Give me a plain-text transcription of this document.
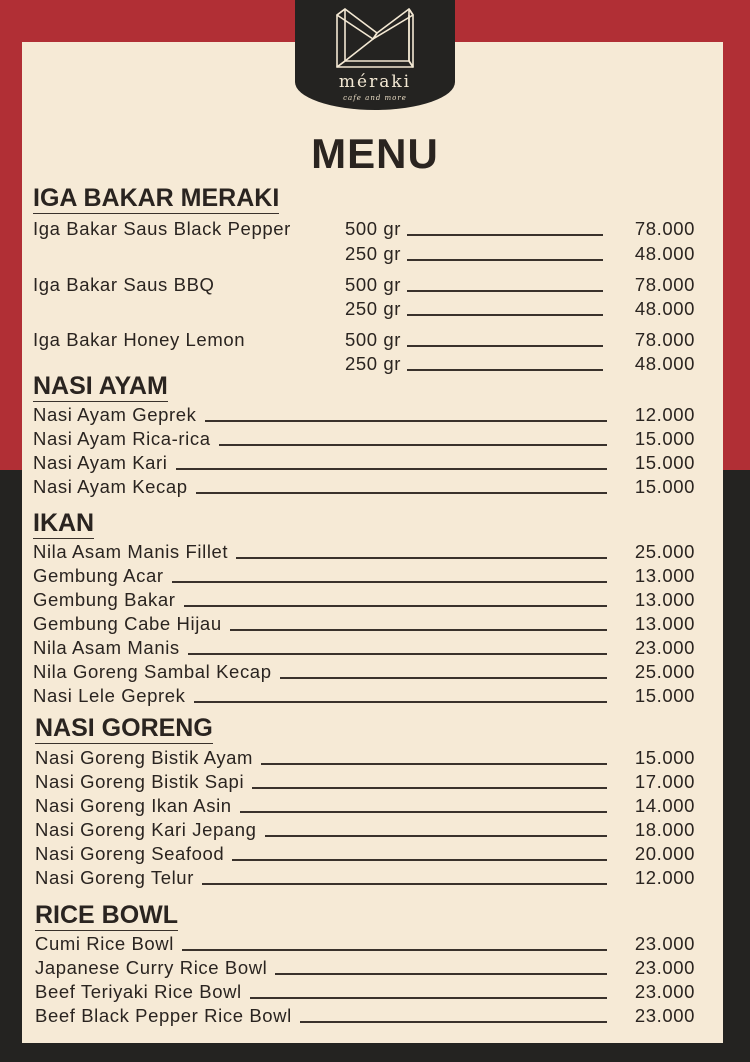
méraki
cafe and more
MENU
IGA BAKAR MERAKI
Iga Bakar Saus Black Pepper	500 gr	78.000
250 gr	48.000
Iga Bakar Saus BBQ	500 gr	78.000
250 gr	48.000
Iga Bakar Honey Lemon	500 gr	78.000
250 gr	48.000
NASI AYAM
Nasi Ayam Geprek	12.000
Nasi Ayam Rica-rica	15.000
Nasi Ayam Kari	15.000
Nasi Ayam Kecap	15.000
IKAN
Nila Asam Manis Fillet	25.000
Gembung Acar	13.000
Gembung Bakar	13.000
Gembung Cabe Hijau	13.000
Nila Asam Manis	23.000
Nila Goreng Sambal Kecap	25.000
Nasi Lele Geprek	15.000
NASI GORENG
Nasi Goreng Bistik Ayam	15.000
Nasi Goreng Bistik Sapi	17.000
Nasi Goreng Ikan Asin	14.000
Nasi Goreng Kari Jepang	18.000
Nasi Goreng Seafood	20.000
Nasi Goreng Telur	12.000
RICE BOWL
Cumi Rice Bowl	23.000
Japanese Curry Rice Bowl	23.000
Beef Teriyaki Rice Bowl	23.000
Beef Black Pepper Rice Bowl	23.000
